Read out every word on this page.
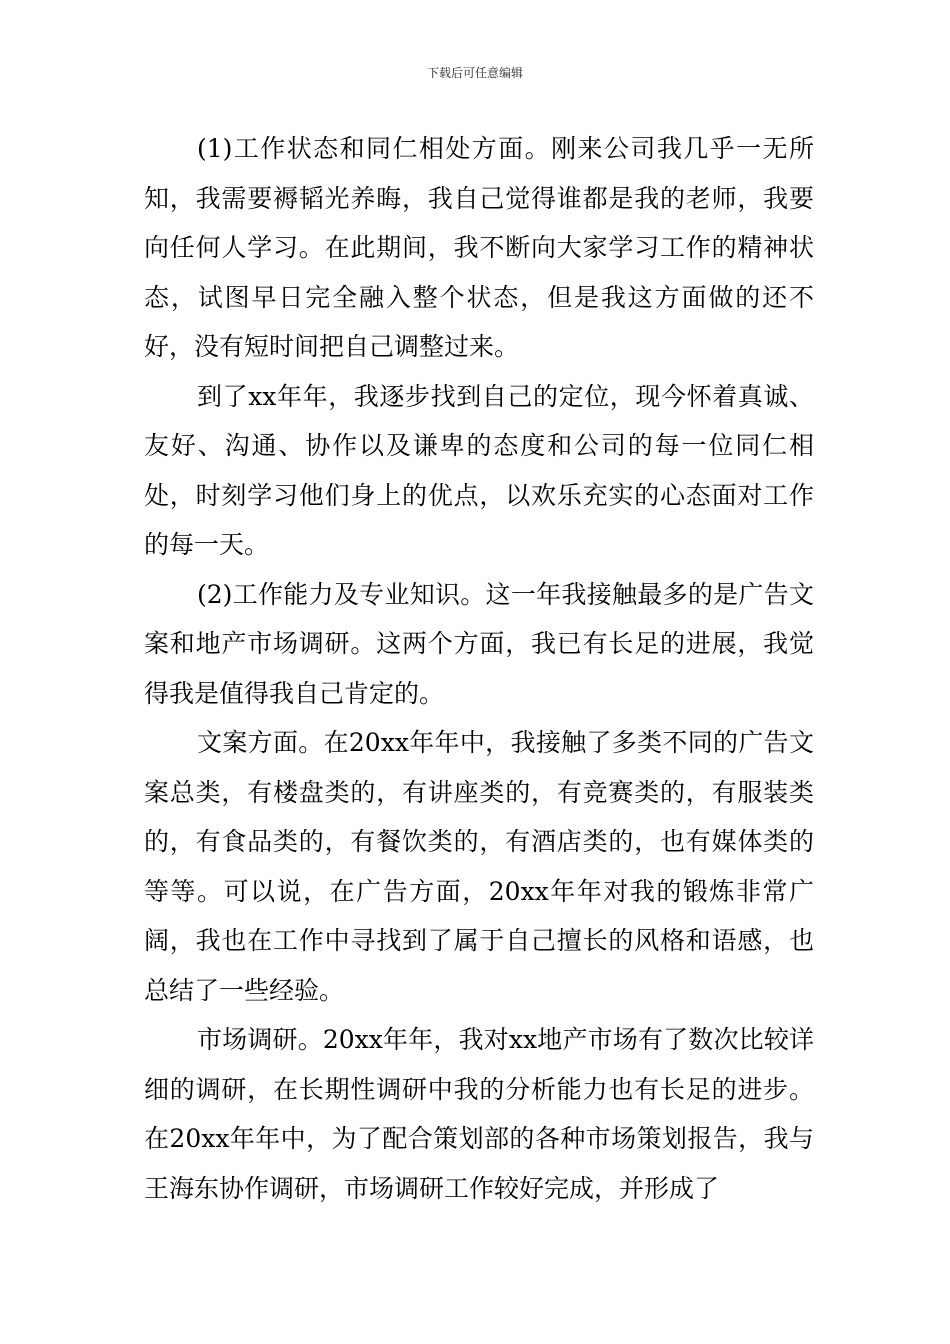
下载后可任意编辑

(1)工作状态和同仁相处方面。刚来公司我几乎一无所知，我需要褥韬光养晦，我自己觉得谁都是我的老师，我要向任何人学习。在此期间，我不断向大家学习工作的精神状态，试图早日完全融入整个状态，但是我这方面做的还不好，没有短时间把自己调整过来。

到了xx年年，我逐步找到自己的定位，现今怀着真诚、友好、沟通、协作以及谦卑的态度和公司的每一位同仁相处，时刻学习他们身上的优点，以欢乐充实的心态面对工作的每一天。

(2)工作能力及专业知识。这一年我接触最多的是广告文案和地产市场调研。这两个方面，我已有长足的进展，我觉得我是值得我自己肯定的。

文案方面。在20xx年年中，我接触了多类不同的广告文案总类，有楼盘类的，有讲座类的，有竞赛类的，有服装类的，有食品类的，有餐饮类的，有酒店类的，也有媒体类的等等。可以说，在广告方面，20xx年年对我的锻炼非常广阔，我也在工作中寻找到了属于自己擅长的风格和语感，也总结了一些经验。

市场调研。20xx年年，我对xx地产市场有了数次比较详细的调研，在长期性调研中我的分析能力也有长足的进步。在20xx年年中，为了配合策划部的各种市场策划报告，我与王海东协作调研，市场调研工作较好完成，并形成了
